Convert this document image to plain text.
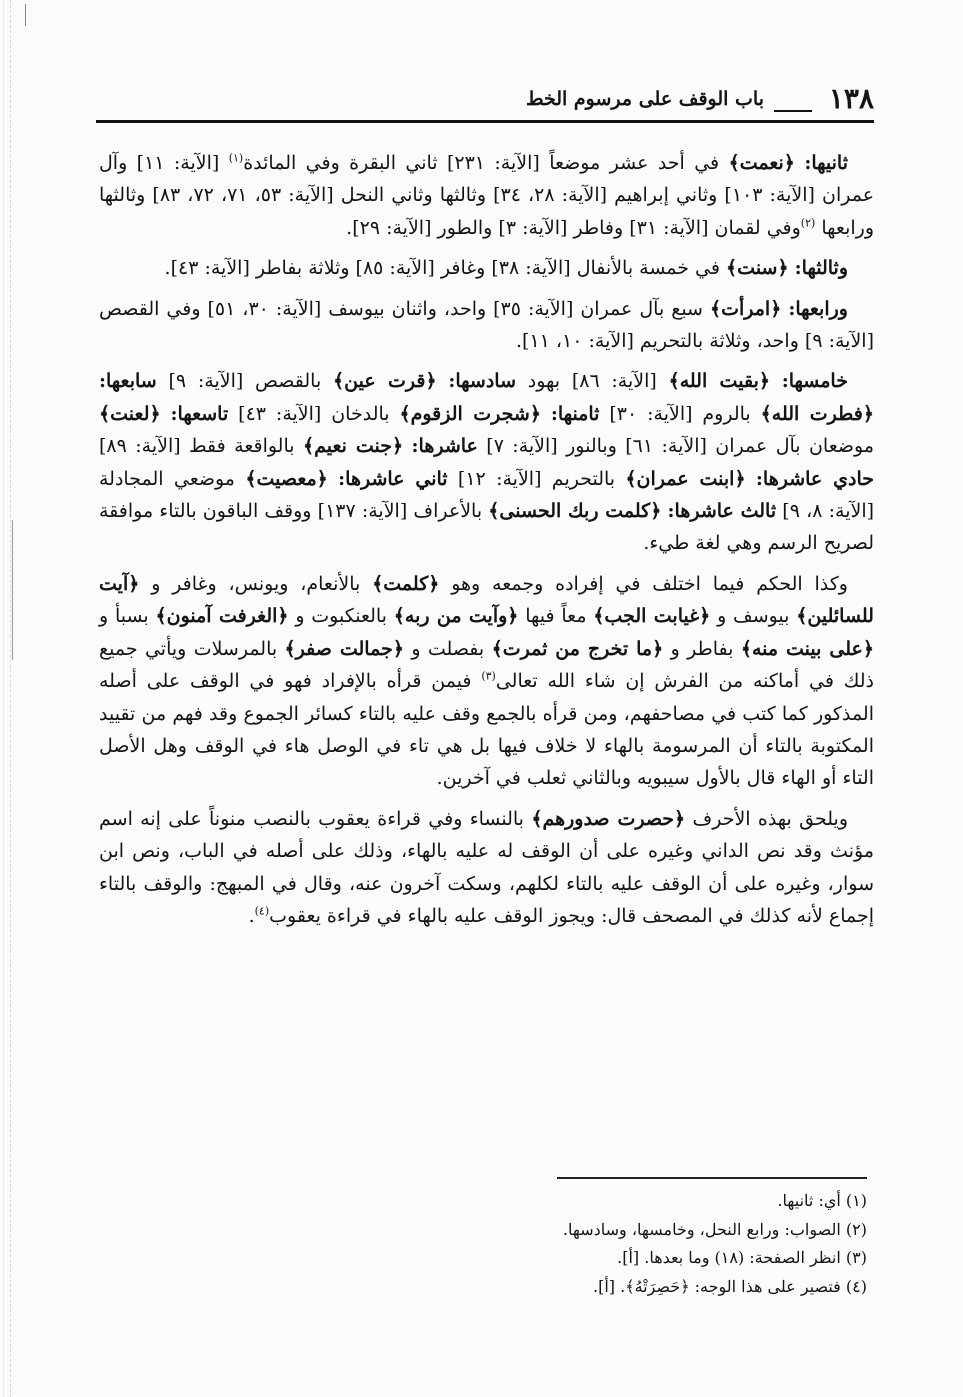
١٣٨
باب الوقف على مرسوم الخط

ثانيها: ﴿نعمت﴾ في أحد عشر موضعاً [الآية: ٢٣١] ثاني البقرة وفي المائدة$^{(١)}$ [الآية: ١١] وآل عمران [الآية: ١٠٣] وثاني إبراهيم [الآية: ٢٨، ٣٤] وثالثها وثاني النحل [الآية: ٥٣، ٧١، ٧٢، ٨٣] وثالثها ورابعها $^{(٢)}$وفي لقمان [الآية: ٣١] وفاطر [الآية: ٣] والطور [الآية: ٢٩].

وثالثها: ﴿سنت﴾ في خمسة بالأنفال [الآية: ٣٨] وغافر [الآية: ٨٥] وثلاثة بفاطر [الآية: ٤٣].

ورابعها: ﴿امرأت﴾ سبع بآل عمران [الآية: ٣٥] واحد، واثنان بيوسف [الآية: ٣٠، ٥١] وفي القصص [الآية: ٩] واحد، وثلاثة بالتحريم [الآية: ١٠، ١١].

خامسها: ﴿بقيت الله﴾ [الآية: ٨٦] بهود سادسها: ﴿قرت عين﴾ بالقصص [الآية: ٩] سابعها: ﴿فطرت الله﴾ بالروم [الآية: ٣٠] ثامنها: ﴿شجرت الزقوم﴾ بالدخان [الآية: ٤٣] تاسعها: ﴿لعنت﴾ موضعان بآل عمران [الآية: ٦١] وبالنور [الآية: ٧] عاشرها: ﴿جنت نعيم﴾ بالواقعة فقط [الآية: ٨٩] حادي عاشرها: ﴿ابنت عمران﴾ بالتحريم [الآية: ١٢] ثاني عاشرها: ﴿معصيت﴾ موضعي المجادلة [الآية: ٨، ٩] ثالث عاشرها: ﴿كلمت ربك الحسنى﴾ بالأعراف [الآية: ١٣٧] ووقف الباقون بالتاء موافقة لصريح الرسم وهي لغة طيء.

وكذا الحكم فيما اختلف في إفراده وجمعه وهو ﴿كلمت﴾ بالأنعام، ويونس، وغافر و ﴿آيت للسائلين﴾ بيوسف و ﴿غيابت الجب﴾ معاً فيها ﴿وآيت من ربه﴾ بالعنكبوت و ﴿الغرفت آمنون﴾ بسبأ و ﴿على بينت منه﴾ بفاطر و ﴿ما تخرج من ثمرت﴾ بفصلت و ﴿جمالت صفر﴾ بالمرسلات ويأتي جميع ذلك في أماكنه من الفرش إن شاء الله تعالى$^{(٣)}$ فيمن قرأه بالإفراد فهو في الوقف على أصله المذكور كما كتب في مصاحفهم، ومن قرأه بالجمع وقف عليه بالتاء كسائر الجموع وقد فهم من تقييد المكتوبة بالتاء أن المرسومة بالهاء لا خلاف فيها بل هي تاء في الوصل هاء في الوقف وهل الأصل التاء أو الهاء قال بالأول سيبويه وبالثاني ثعلب في آخرين.

ويلحق بهذه الأحرف ﴿حصرت صدورهم﴾ بالنساء وفي قراءة يعقوب بالنصب منوناً على إنه اسم مؤنث وقد نص الداني وغيره على أن الوقف له عليه بالهاء، وذلك على أصله في الباب، ونص ابن سوار، وغيره على أن الوقف عليه بالتاء لكلهم، وسكت آخرون عنه، وقال في المبهج: والوقف بالتاء إجماع لأنه كذلك في المصحف قال: ويجوز الوقف عليه بالهاء في قراءة يعقوب$^{(٤)}$.

(١) أي: ثانيها.

(٢) الصواب: ورابع النحل، وخامسها، وسادسها.

(٣) انظر الصفحة: (١٨) وما بعدها. [أ].

(٤) فتصير على هذا الوجه: ﴿حَصِرَتْهُ﴾. [أ].
